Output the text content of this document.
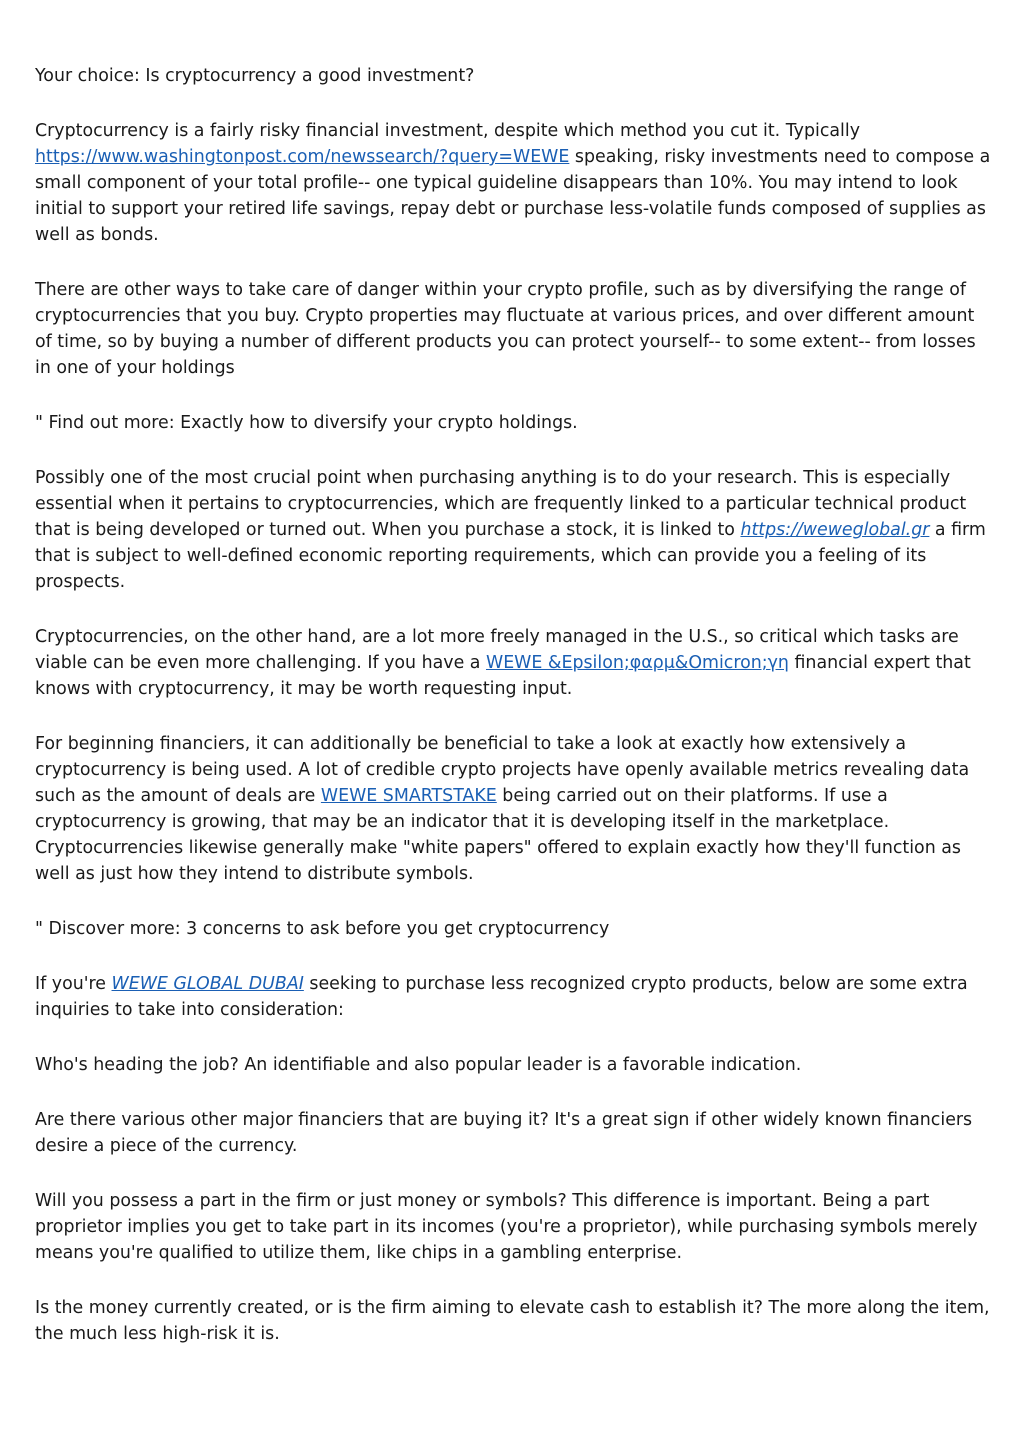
Your choice: Is cryptocurrency a good investment?

Cryptocurrency is a fairly risky financial investment, despite which method you cut it. Typically https://www.washingtonpost.com/newssearch/?query=WEWE speaking, risky investments need to compose a small component of your total profile-- one typical guideline disappears than 10%. You may intend to look initial to support your retired life savings, repay debt or purchase less-volatile funds composed of supplies as well as bonds.

There are other ways to take care of danger within your crypto profile, such as by diversifying the range of cryptocurrencies that you buy. Crypto properties may fluctuate at various prices, and over different amount of time, so by buying a number of different products you can protect yourself-- to some extent-- from losses in one of your holdings

" Find out more: Exactly how to diversify your crypto holdings.

Possibly one of the most crucial point when purchasing anything is to do your research. This is especially essential when it pertains to cryptocurrencies, which are frequently linked to a particular technical product that is being developed or turned out. When you purchase a stock, it is linked to https://weweglobal.gr a firm that is subject to well-defined economic reporting requirements, which can provide you a feeling of its prospects.

Cryptocurrencies, on the other hand, are a lot more freely managed in the U.S., so critical which tasks are viable can be even more challenging. If you have a WEWE &Epsilon;φαρμ&Omicron;γη financial expert that knows with cryptocurrency, it may be worth requesting input.

For beginning financiers, it can additionally be beneficial to take a look at exactly how extensively a cryptocurrency is being used. A lot of credible crypto projects have openly available metrics revealing data such as the amount of deals are WEWE SMARTSTAKE being carried out on their platforms. If use a cryptocurrency is growing, that may be an indicator that it is developing itself in the marketplace. Cryptocurrencies likewise generally make "white papers" offered to explain exactly how they'll function as well as just how they intend to distribute symbols.

" Discover more: 3 concerns to ask before you get cryptocurrency

If you're WEWE GLOBAL DUBAI seeking to purchase less recognized crypto products, below are some extra inquiries to take into consideration:

Who's heading the job? An identifiable and also popular leader is a favorable indication.

Are there various other major financiers that are buying it? It's a great sign if other widely known financiers desire a piece of the currency.

Will you possess a part in the firm or just money or symbols? This difference is important. Being a part proprietor implies you get to take part in its incomes (you're a proprietor), while purchasing symbols merely means you're qualified to utilize them, like chips in a gambling enterprise.

Is the money currently created, or is the firm aiming to elevate cash to establish it? The more along the item, the much less high-risk it is.
